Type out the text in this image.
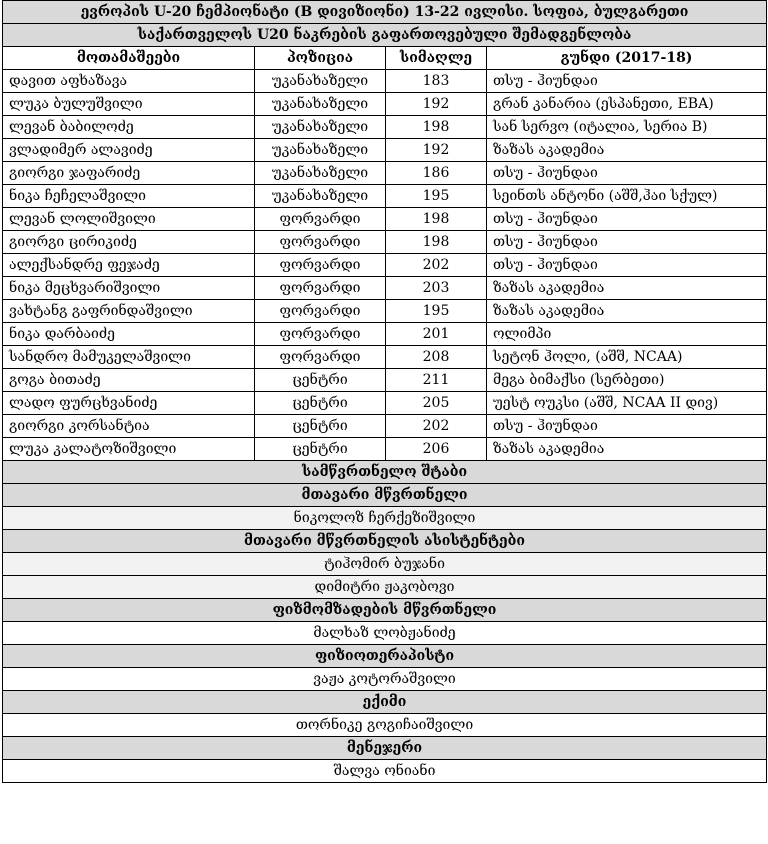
ევროპის U-20 ჩემპიონატი (B დივიზიონი) 13-22 ივლისი. სოფია, ბულგარეთი			
საქართველოს U20 ნაკრების გაფართოვებული შემადგენლობა			
მოთამაშეები	პოზიცია	სიმაღლე	გუნდი (2017-18)
დავით აფხაზავა	უკანახაზელი	183	თსუ - ჰიუნდაი
ლუკა ბულუშვილი	უკანახაზელი	192	გრან კანარია (ესპანეთი, EBA)
ლევან ბაბილოძე	უკანახაზელი	198	სან სერვო (იტალია, სერია B)
ვლადიმერ ალავიძე	უკანახაზელი	192	ზაზას აკადემია
გიორგი ჯაფარიძე	უკანახაზელი	186	თსუ - ჰიუნდაი
ნიკა ჩეჩელაშვილი	უკანახაზელი	195	სეინთს ანტონი (აშშ,ჰაი სქულ)
ლევან ლოლიშვილი	ფორვარდი	198	თსუ - ჰიუნდაი
გიორგი ცირიკიძე	ფორვარდი	198	თსუ - ჰიუნდაი
ალექსანდრე ფეჯაძე	ფორვარდი	202	თსუ - ჰიუნდაი
ნიკა მეცხვარიშვილი	ფორვარდი	203	ზაზას აკადემია
ვახტანგ გაფრინდაშვილი	ფორვარდი	195	ზაზას აკადემია
ნიკა დარბაიძე	ფორვარდი	201	ოლიმპი
სანდრო მამუკელაშვილი	ფორვარდი	208	სეტონ ჰოლი, (აშშ, NCAA)
გოგა ბითაძე	ცენტრი	211	მეგა ბიმაქსი (სერბეთი)
ლადო ფურცხვანიძე	ცენტრი	205	უესტ ოუკსი (აშშ, NCAA II დივ)
გიორგი კორსანტია	ცენტრი	202	თსუ - ჰიუნდაი
ლუკა კალატოზიშვილი	ცენტრი	206	ზაზას აკადემია
სამწვრთნელო შტაბი			
მთავარი მწვრთნელი			
ნიკოლოზ ჩერქეზიშვილი			
მთავარი მწვრთნელის ასისტენტები			
ტიჰომირ ბუჯანი			
დიმიტრი ჟაკობოვი			
ფიზმომზადების მწვრთნელი			
მალხაზ ლობჟანიძე			
ფიზიოთერაპისტი			
ვაჟა კოტორაშვილი			
ექიმი			
თორნიკე გოგიჩაიშვილი			
მენეჯერი			
შალვა ონიანი			
